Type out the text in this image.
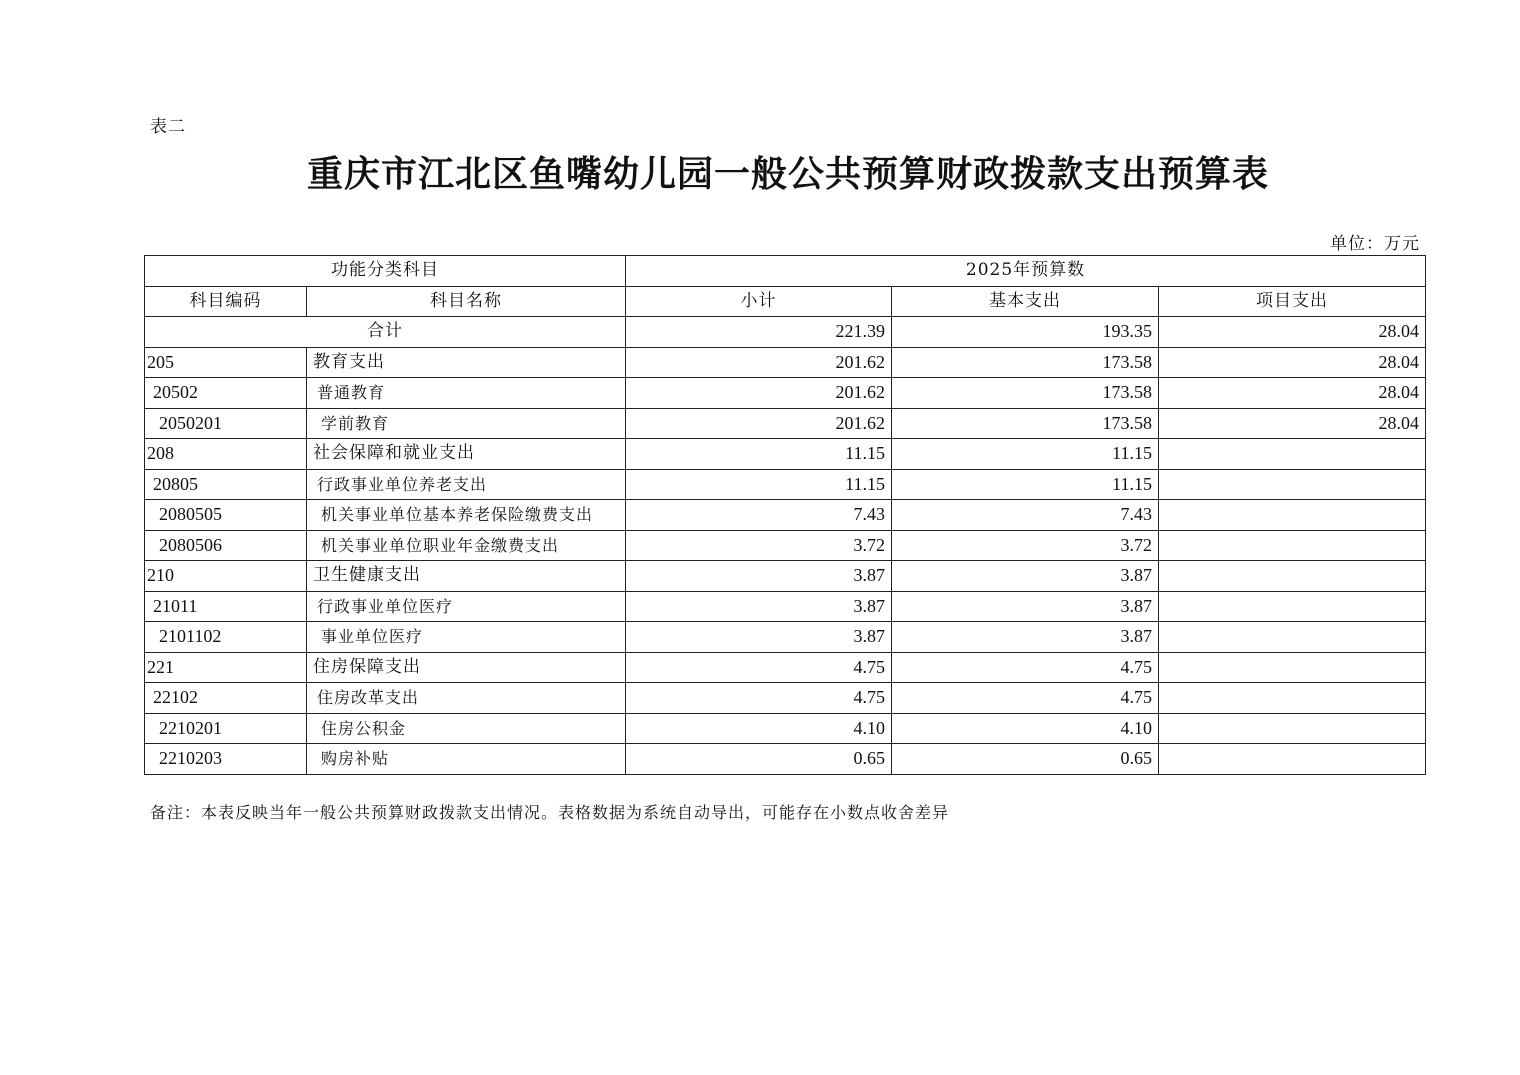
表二
重庆市江北区鱼嘴幼儿园一般公共预算财政拨款支出预算表
单位：万元
功能分类科目		2025年预算数		
科目编码	科目名称	小计	基本支出	项目支出
合计		221.39	193.35	28.04
205	教育支出	201.62	173.58	28.04
20502	普通教育	201.62	173.58	28.04
2050201	学前教育	201.62	173.58	28.04
208	社会保障和就业支出	11.15	11.15	
20805	行政事业单位养老支出	11.15	11.15	
2080505	机关事业单位基本养老保险缴费支出	7.43	7.43	
2080506	机关事业单位职业年金缴费支出	3.72	3.72	
210	卫生健康支出	3.87	3.87	
21011	行政事业单位医疗	3.87	3.87	
2101102	事业单位医疗	3.87	3.87	
221	住房保障支出	4.75	4.75	
22102	住房改革支出	4.75	4.75	
2210201	住房公积金	4.10	4.10	
2210203	购房补贴	0.65	0.65	
备注：本表反映当年一般公共预算财政拨款支出情况。表格数据为系统自动导出，可能存在小数点收舍差异
